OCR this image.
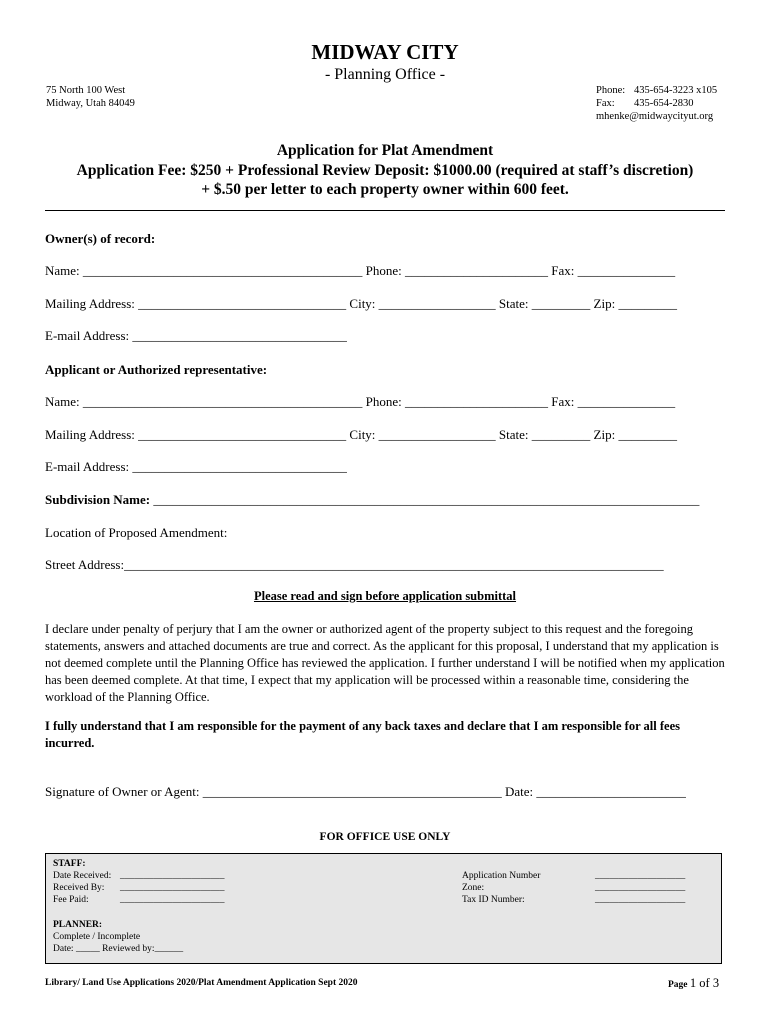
MIDWAY CITY
- Planning Office -
75 North 100 West
Midway, Utah 84049
Phone: 435-654-3223 x105
Fax: 435-654-2830
mhenke@midwaycityut.org
Application for Plat Amendment
Application Fee: $250 + Professional Review Deposit: $1000.00 (required at staff’s discretion)
+ $.50 per letter to each property owner within 600 feet.
Owner(s) of record:
Name: ___________________________________________ Phone: ______________________ Fax: _______________
Mailing Address: ________________________________ City: __________________ State: _________ Zip: _________
E-mail Address: _________________________________
Applicant or Authorized representative:
Name: ___________________________________________ Phone: ______________________ Fax: _______________
Mailing Address: ________________________________ City: __________________ State: _________ Zip: _________
E-mail Address: _________________________________
Subdivision Name: ____________________________________________________________________________________
Location of Proposed Amendment:
Street Address:___________________________________________________________________________________
Please read and sign before application submittal
I declare under penalty of perjury that I am the owner or authorized agent of the property subject to this request and the foregoing statements, answers and attached documents are true and correct. As the applicant for this proposal, I understand that my application is not deemed complete until the Planning Office has reviewed the application. I further understand I will be notified when my application has been deemed complete. At that time, I expect that my application will be processed within a reasonable time, considering the workload of the Planning Office.
I fully understand that I am responsible for the payment of any back taxes and declare that I am responsible for all fees incurred.
Signature of Owner or Agent: ______________________________________________ Date: _______________________
FOR OFFICE USE ONLY
STAFF:
Date Received: ______________________
Received By: ______________________
Fee Paid:	______________________
Application Number	___________________
Zone:	___________________
Tax ID Number:	___________________
PLANNER:
Complete / Incomplete
Date: _____ Reviewed by:______
Library/ Land Use Applications 2020/Plat Amendment Application Sept 2020	Page 1 of 3
